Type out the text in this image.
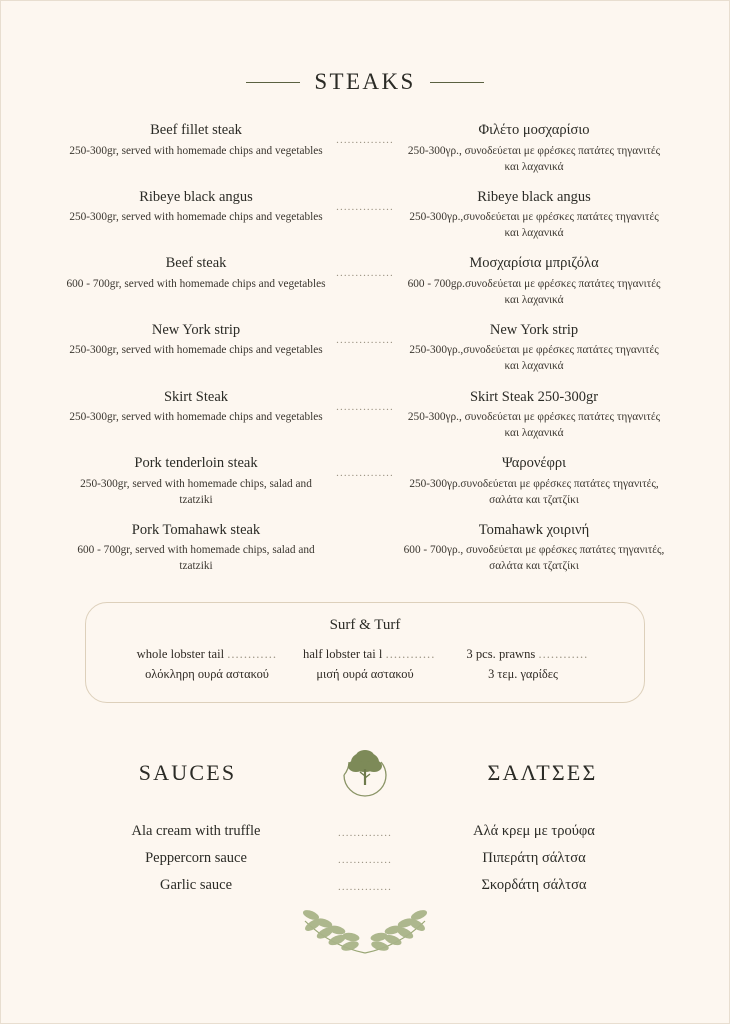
STEAKS
Beef fillet steak
250-300gr, served with homemade chips and vegetables
...............
Φιλέτο μοσχαρίσιο
250-300γρ., συνοδεύεται με φρέσκες πατάτες τηγανιτές και λαχανικά
Ribeye black angus
250-300gr, served with homemade chips and vegetables
...............
Ribeye black angus
250-300γρ.,συνοδεύεται με φρέσκες πατάτες τηγανιτές και λαχανικά
Beef steak
600 - 700gr, served with homemade chips and vegetables
...............
Μοσχαρίσια μπριζόλα
600 - 700gρ.συνοδεύεται με φρέσκες πατάτες τηγανιτές και λαχανικά
New York strip
250-300gr, served with homemade chips and vegetables
...............
New York strip
250-300γρ.,συνοδεύεται με φρέσκες πατάτες τηγανιτές και λαχανικά
Skirt Steak
250-300gr, served with homemade chips and vegetables
...............
Skirt Steak 250-300gr
250-300γρ., συνοδεύεται με φρέσκες πατάτες τηγανιτές και λαχανικά
Pork tenderloin steak
250-300gr, served with homemade chips, salad and tzatziki
...............
Ψαρονέφρι
250-300γρ.συνοδεύεται με φρέσκες πατάτες τηγανιτές, σαλάτα και τζατζίκι
Pork Tomahawk steak
600 - 700gr, served with homemade chips, salad and tzatziki
Tomahawk χοιρινή
600 - 700γρ., συνοδεύεται με φρέσκες πατάτες τηγανιτές, σαλάτα και τζατζίκι
Surf & Turf
whole lobster tail ............ half lobster tai l ............	3 pcs. prawns ............
ολόκληρη ουρά αστακού	μισή ουρά αστακού	3 τεμ. γαρίδες
SAUCES	ΣΑΛΤΣΕΣ
Ala cream with truffle	..............	Αλά κρεμ με τρούφα
Peppercorn sauce	..............	Πιπεράτη σάλτσα
Garlic sauce	..............	Σκορδάτη σάλτσα
